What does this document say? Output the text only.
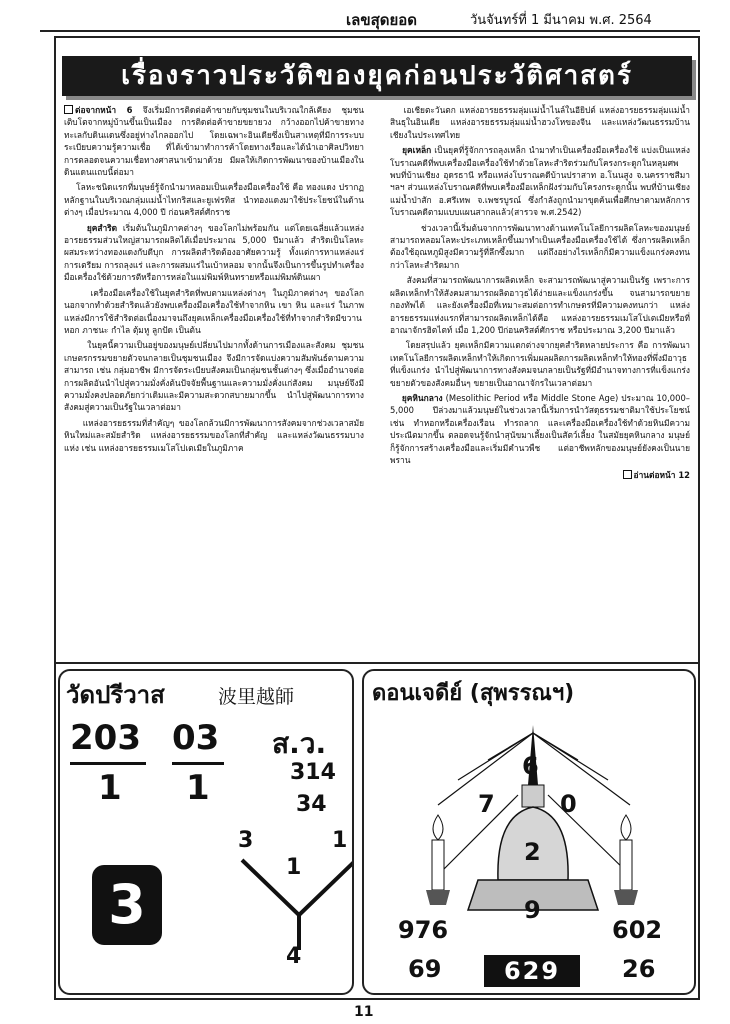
เลขสุดยอด	วันจันทร์ที่ 1 มีนาคม พ.ศ. 2564
เรื่องราวประวัติของยุคก่อนประวัติศาสตร์

ต่อจากหน้า 6 จึงเริ่มมีการติดต่อค้าขายกับชุมชนในบริเวณใกล้เคียง ชุมชนเติบโตจากหมู่บ้านขึ้นเป็นเมือง การติดต่อค้าขายขยายวง กว้างออกไปค้าขายทางทะเลกับดินแดนซึ่งอยู่ห่างไกลออกไป โดยเฉพาะอินเดียซึ่งเป็นสาเหตุที่มีการระบบระเบียบความรู้ความเชื่อ ที่ได้เข้ามาทำการค้าโดยทางเรือและได้นำเอาศิลปวิทยาการตลอดจนความเชื่อทางศาสนาเข้ามาด้วย มีผลให้เกิดการพัฒนาของบ้านเมืองในดินแดนแถบนี้ต่อมา

โลหะชนิดแรกที่มนุษย์รู้จักนำมาหลอมเป็นเครื่องมือเครื่องใช้ คือ ทองแดง ปรากฏหลักฐานในบริเวณกลุ่มแม่น้ำไทกริสและยูเฟรทิส นำทองแดงมาใช้ประโยชน์ในด้านต่างๆ เมื่อประมาณ 4,000 ปี ก่อนคริสต์ศักราช

ยุคสำริด เริ่มต้นในภูมิภาคต่างๆ ของโลกไม่พร้อมกัน แต่โดยเฉลี่ยแล้วแหล่งอารยธรรมส่วนใหญ่สามารถผลิตได้เมื่อประมาณ 5,000 ปีมาแล้ว สำริดเป็นโลหะผสมระหว่างทองแดงกับดีบุก การผลิตสำริดต้องอาศัยความรู้ ทั้งแต่การหาแหล่งแร่ การเตรียม การถลุงแร่ และการผสมแร่ในเบ้าหลอม จากนั้นจึงเป็นการขึ้นรูปทำเครื่องมือเครื่องใช้ด้วยการตีหรือการหล่อในแม่พิมพ์หินทรายหรือแม่พิมพ์ดินเผา

เครื่องมือเครื่องใช้ในยุคสำริดที่พบตามแหล่งต่างๆ ในภูมิภาคต่างๆ ของโลก นอกจากทำด้วยสำริดแล้วยังพบเครื่องมือเครื่องใช้ทำจากหิน เขา หิน และแร่ ในภาพแหล่งมีการใช้สำริดต่อเนื่องมาจนถึงยุคเหล็กเครื่องมือเครื่องใช้ที่ทำจากสำริดมีขวาน หอก ภาชนะ กำไล ตุ้มหู ลูกปัด เป็นต้น

ในยุคนี้ความเป็นอยู่ของมนุษย์เปลี่ยนไปมากทั้งด้านการเมืองและสังคม ชุมชนเกษตรกรรมขยายตัวจนกลายเป็นชุมชนเมือง จึงมีการจัดแบ่งความสัมพันธ์ตามความสามารถ เช่น กลุ่มอาชีพ มีการจัดระเบียบสังคมเป็นกลุ่มชนชั้นต่างๆ ซึ่งเมื่ออำนาจต่อการผลิตอันนำไปสู่ความมั่งคั่งต้นปัจจัยพื้นฐานและความมั่งคั่งแก่สังคม มนุษย์จึงมีความมั่งคงปลอดภัยกว่าเดิมและมีความสะดวกสบายมากขึ้น นำไปสู่พัฒนาการทางสังคมสู่ความเป็นรัฐในเวลาต่อมา

แหล่งอารยธรรมที่สำคัญๆ ของโลกล้วนมีการพัฒนาการสังคมจากช่วงเวลาสมัยหินใหม่และสมัยสำริด แหล่งอารยธรรมของโลกที่สำคัญ และแหล่งวัฒนธรรมบางแห่ง เช่น แหล่งอารยธรรมเมโสโปเตเมียในภูมิภาค

เอเชียตะวันตก แหล่งอารยธรรมลุ่มแม่น้ำไนล์ในอียิปต์ แหล่งอารยธรรมลุ่มแม่น้ำสินธุในอินเดีย แหล่งอารยธรรมลุ่มแม่น้ำฮวงโหของจีน และแหล่งวัฒนธรรมบ้านเชียงในประเทศไทย

ยุคเหล็ก เป็นยุคที่รู้จักการถลุงเหล็ก นำมาทำเป็นเครื่องมือเครื่องใช้ แบ่งเป็นแหล่งโบราณคดีที่พบเครื่องมือเครื่องใช้ทำด้วยโลหะสำริดร่วมกับโครงกระดูกในหลุมศพ พบที่บ้านเชียง อุดรธานี หรือแหล่งโบราณคดีบ้านปราสาท อ.โนนสูง จ.นครราชสีมา ฯลฯ ส่วนแหล่งโบราณคดีที่พบเครื่องมือเหล็กฝังร่วมกับโครงกระดูกนั้น พบที่บ้านเชียงแม่น้ำป่าสัก อ.ศรีเทพ จ.เพชรบูรณ์ ซึ่งกำลังถูกนำมาขุดค้นเพื่อศึกษาตามหลักการโบราณคดีตามแบบแผนสากลแล้ว(สารวจ พ.ศ.2542)

ช่วงเวลานี้เริ่มต้นจากการพัฒนาทางด้านเทคโนโลยีการผลิตโลหะของมนุษย์สามารถหลอมโลหะประเภทเหล็กขึ้นมาทำเป็นเครื่องมือเครื่องใช้ได้ ซึ่งการผลิตเหล็กต้องใช้อุณหภูมิสูงมีความรู้ที่ลึกซึ้งมาก แต่ถึงอย่างไรเหล็กก็มีความแข็งแกร่งคงทนกว่าโลหะสำริดมาก

สังคมที่สามารถพัฒนาการผลิตเหล็ก จะสามารถพัฒนาสู่ความเป็นรัฐ เพราะการผลิตเหล็กทำให้สังคมสามารถผลิตอาวุธได้ง่ายและแข็งแกร่งขึ้น จนสามารถขยายกองทัพได้ และยังเครื่องมือที่เหมาะสมต่อการทำเกษตรที่มีความคงทนกว่า แหล่งอารยธรรมแห่งแรกที่สามารถผลิตเหล็กได้คือ แหล่งอารยธรรมเมโสโปเตเมียหรือที่อาณาจักรฮิตไตท์ เมื่อ 1,200 ปีก่อนคริสต์ศักราช หรือประมาณ 3,200 ปีมาแล้ว

โดยสรุปแล้ว ยุคเหล็กมีความแตกต่างจากยุคสำริดหลายประการ คือ การพัฒนาเทคโนโลยีการผลิตเหล็กทำให้เกิดการเพิ่มผลผลิตการผลิตเหล็กทำให้ทองที่พึ่งมีอาวุธที่แข็งแกร่ง นำไปสู่พัฒนาการทางสังคมจนกลายเป็นรัฐที่มีอำนาจทางการที่แข็งแกร่งขยายตัวของสังคมอื่นๆ ขยายเป็นอาณาจักรในเวลาต่อมา

ยุคหินกลาง (Mesolithic Period หรือ Middle Stone Age) ประมาณ 10,000–5,000 ปีล่วงมาแล้วมนุษย์ในช่วงเวลานี้เริ่มการนำวัสดุธรรมชาติมาใช้ประโยชน์ เช่น ทำหอกหรือเครื่องเรือน ทำรถลาก และเครื่องมือเครื่องใช้ทำด้วยหินมีความประณีตมากขึ้น ตลอดจนรู้จักนำสุนัขมาเลี้ยงเป็นสัตว์เลี้ยง ในสมัยยุคหินกลาง มนุษย์ก็รู้จักการสร้างเครื่องมือและเริ่มมีคำนวพืช แต่อาชีพหลักของมนุษย์ยังคงเป็นนายพราน

อ่านต่อหน้า 12

วัดปรีวาส	波里越師
203
1
03
1
ส.ว.
314
34
3	1
1
4
3
ดอนเจดีย์ (สุพรรณฯ)
6
7	0
2
9
976	602
69	629	26
11
